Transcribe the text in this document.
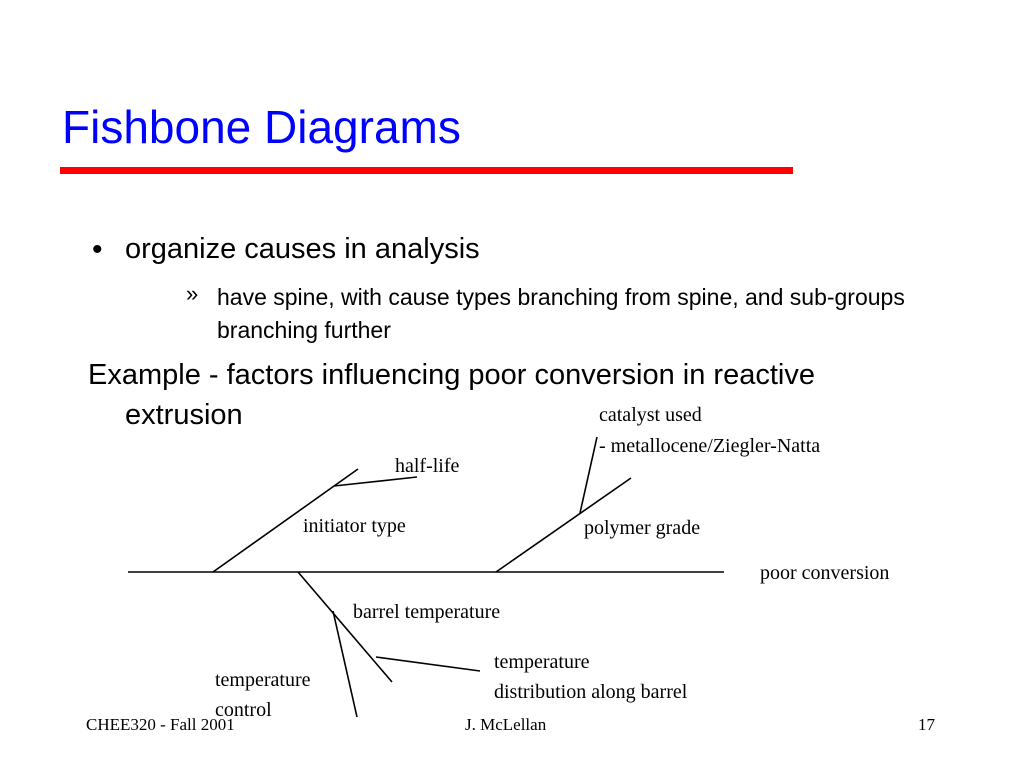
Fishbone Diagrams
• organize causes in analysis
» have spine, with cause types branching from spine, and sub-groups branching further
Example - factors influencing poor conversion in reactive extrusion
half-life
initiator type
catalyst used
- metallocene/Ziegler-Natta
polymer grade
poor conversion
barrel temperature
temperature
distribution along barrel
temperature
control
CHEE320 - Fall 2001	J. McLellan	17
